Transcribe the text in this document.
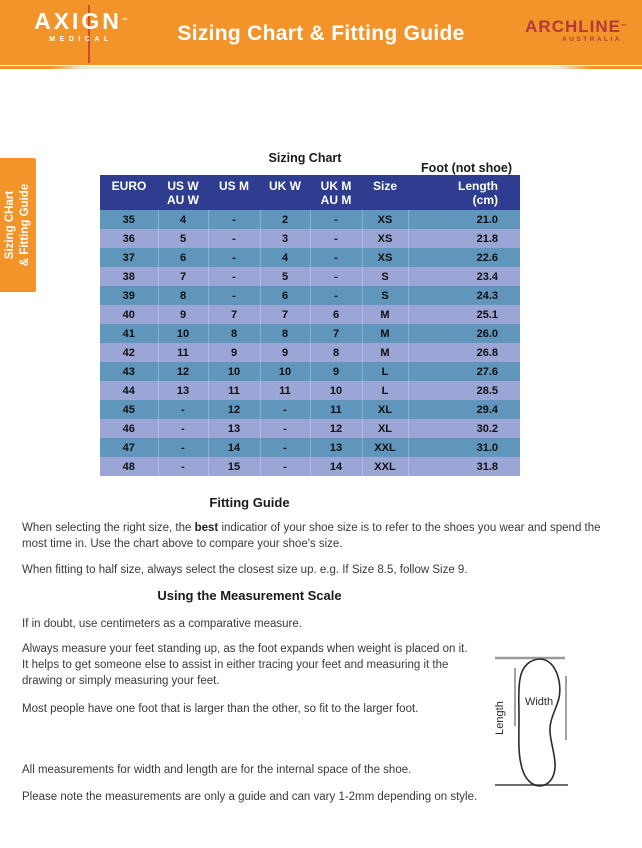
AXIGN™
MEDICAL	Sizing Chart & Fitting Guide	ARCHLINE™
AUSTRALIA
Sizing CHart & Fitting Guide
Sizing Chart
Foot (not shoe)
EURO	US W
AU W

US M	UK W	UK M
AU M

Size	Length
(cm)

35	4	-	2	-	XS	21.0
36	5	-	3	-	XS	21.8
37	6	-	4	-	XS	22.6
38	7	-	5	-	S	23.4
39	8	-	6	-	S	24.3
40	9	7	7	6	M	25.1
41	10	8	8	7	M	26.0
42	11	9	9	8	M	26.8
43	12	10	10	9	L	27.6
44	13	11	11	10	L	28.5
45	-	12	-	11	XL	29.4
46	-	13	-	12	XL	30.2
47	-	14	-	13	XXL	31.0
48	-	15	-	14	XXL	31.8
Fitting Guide
When selecting the right size, the best indicatior of your shoe size is to refer to the shoes you wear and spend the most time in. Use the chart above to compare your shoe's size.
When fitting to half size, always select the closest size up. e.g. If Size 8.5, follow Size 9.
Using the Measurement Scale
If in doubt, use centimeters as a comparative measure.
Always measure your feet standing up, as the foot expands when weight is placed on it. It helps to get someone else to assist in either tracing your feet and measuring it the drawing or simply measuring your feet.
Most people have one foot that is larger than the other, so fit to the larger foot.
All measurements for width and length are for the internal space of the shoe.
Please note the measurements are only a guide and can vary 1-2mm depending on style.
Width
Length
